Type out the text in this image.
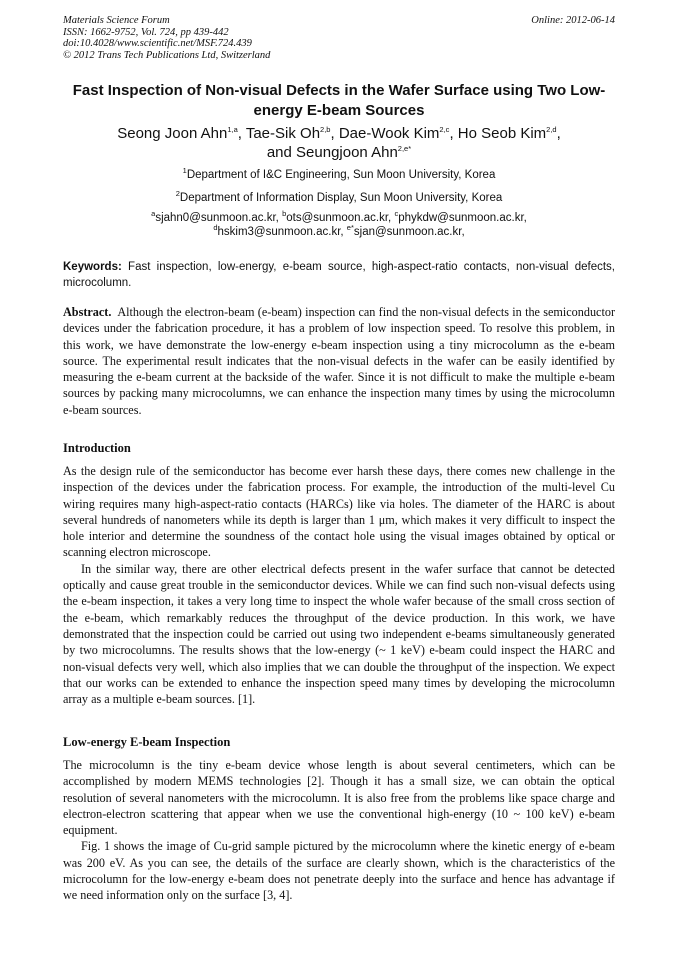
Materials Science Forum
ISSN: 1662-9752, Vol. 724, pp 439-442
doi:10.4028/www.scientific.net/MSF.724.439
© 2012 Trans Tech Publications Ltd, Switzerland
Online: 2012-06-14
Fast Inspection of Non-visual Defects in the Wafer Surface using Two Low-energy E-beam Sources
Seong Joon Ahn$^{1,a}$, Tae-Sik Oh$^{2,b}$, Dae-Wook Kim$^{2,c}$, Ho Seob Kim$^{2,d}$,
and Seungjoon Ahn$^{2,e*}$
$^1$Department of I&C Engineering, Sun Moon University, Korea
$^2$Department of Information Display, Sun Moon University, Korea
$^a$sjahn0@sunmoon.ac.kr, $^b$ots@sunmoon.ac.kr, $^c$phykdw@sunmoon.ac.kr,
$^d$hskim3@sunmoon.ac.kr, $^{e*}$sjan@sunmoon.ac.kr,
Keywords: Fast inspection, low-energy, e-beam source, high-aspect-ratio contacts, non-visual defects, microcolumn.
Abstract. Although the electron-beam (e-beam) inspection can find the non-visual defects in the semiconductor devices under the fabrication procedure, it has a problem of low inspection speed. To resolve this problem, in this work, we have demonstrate the low-energy e-beam inspection using a tiny microcolumn as the e-beam source. The experimental result indicates that the non-visual defects in the wafer can be easily identified by measuring the e-beam current at the backside of the wafer. Since it is not difficult to make the multiple e-beam sources by packing many microcolumns, we can enhance the inspection many times by using the microcolumn e-beam sources.
Introduction

As the design rule of the semiconductor has become ever harsh these days, there comes new challenge in the inspection of the devices under the fabrication process. For example, the introduction of the multi-level Cu wiring requires many high-aspect-ratio contacts (HARCs) like via holes. The diameter of the HARC is about several hundreds of nanometers while its depth is larger than 1 μm, which makes it very difficult to inspect the hole interior and determine the soundness of the contact hole using the visual images obtained by optical or scanning electron microscope.

In the similar way, there are other electrical defects present in the wafer surface that cannot be detected optically and cause great trouble in the semiconductor devices. While we can find such non-visual defects using the e-beam inspection, it takes a very long time to inspect the whole wafer because of the small cross section of the e-beam, which remarkably reduces the throughput of the device production. In this work, we have demonstrated that the inspection could be carried out using two independent e-beams simultaneously generated by two microcolumns. The results shows that the low-energy (~ 1 keV) e-beam could inspect the HARC and non-visual defects very well, which also implies that we can double the throughput of the inspection. We expect that our works can be extended to enhance the inspection speed many times by developing the microcolumn array as a multiple e-beam sources. [1].

Low-energy E-beam Inspection

The microcolumn is the tiny e-beam device whose length is about several centimeters, which can be accomplished by modern MEMS technologies [2]. Though it has a small size, we can obtain the optical resolution of several nanometers with the microcolumn. It is also free from the problems like space charge and electron-electron scattering that appear when we use the conventional high-energy (10 ~ 100 keV) e-beam equipment.

Fig. 1 shows the image of Cu-grid sample pictured by the microcolumn where the kinetic energy of e-beam was 200 eV. As you can see, the details of the surface are clearly shown, which is the characteristics of the microcolumn for the low-energy e-beam does not penetrate deeply into the surface and hence has advantage if we need information only on the surface [3, 4].
